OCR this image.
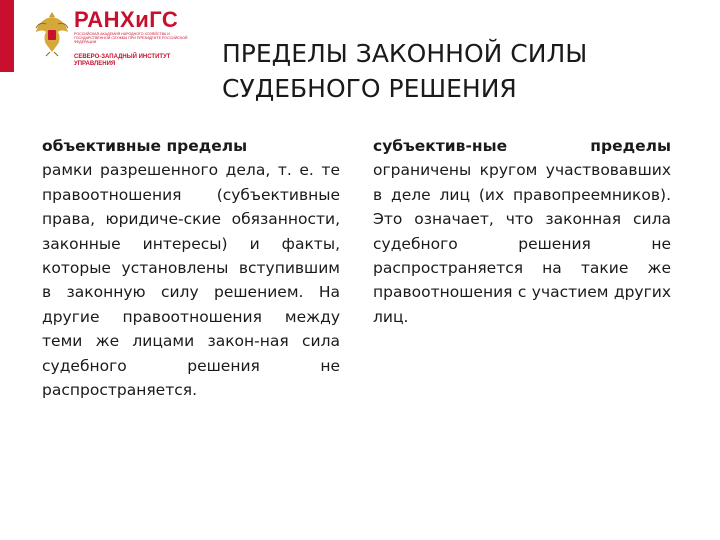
РАНХиГС
РОССИЙСКАЯ АКАДЕМИЯ НАРОДНОГО ХОЗЯЙСТВА И ГОСУДАРСТВЕННОЙ СЛУЖБЫ ПРИ ПРЕЗИДЕНТЕ РОССИЙСКОЙ ФЕДЕРАЦИИ
СЕВЕРО-ЗАПАДНЫЙ ИНСТИТУТ УПРАВЛЕНИЯ	ПРЕДЕЛЫ ЗАКОННОЙ СИЛЫ
СУДЕБНОГО РЕШЕНИЯ
объективные пределы
рамки разрешенного дела, т. е. те правоотношения (субъективные права, юридиче-ские обязанности, законные интересы) и факты, которые установлены вступившим в законную силу решением. На другие правоотношения между теми же лицами закон-ная сила судебного решения не распространяется.
субъектив-ные пределы ограничены кругом участвовавших в деле лиц (их правопреемников). Это означает, что законная сила судебного решения не распространяется на такие же правоотношения с участием других лиц.
